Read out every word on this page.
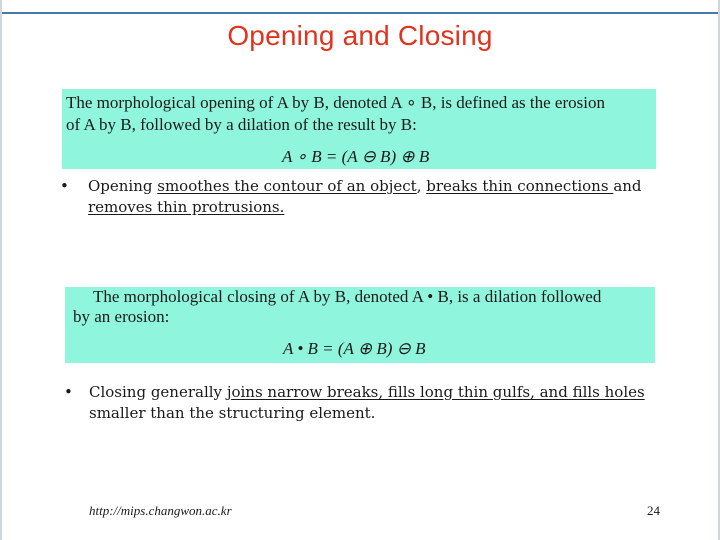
Opening and Closing
The morphological opening of A by B, denoted A ∘ B, is defined as the erosion
of A by B, followed by a dilation of the result by B:
A ∘ B = (A ⊖ B) ⊕ B
• Opening smoothes the contour of an object, breaks thin connections and
removes thin protrusions.
The morphological closing of A by B, denoted A • B, is a dilation followed
by an erosion:
A • B = (A ⊕ B) ⊖ B
• Closing generally joins narrow breaks, fills long thin gulfs, and fills holes
smaller than the structuring element.
http://mips.changwon.ac.kr	24
